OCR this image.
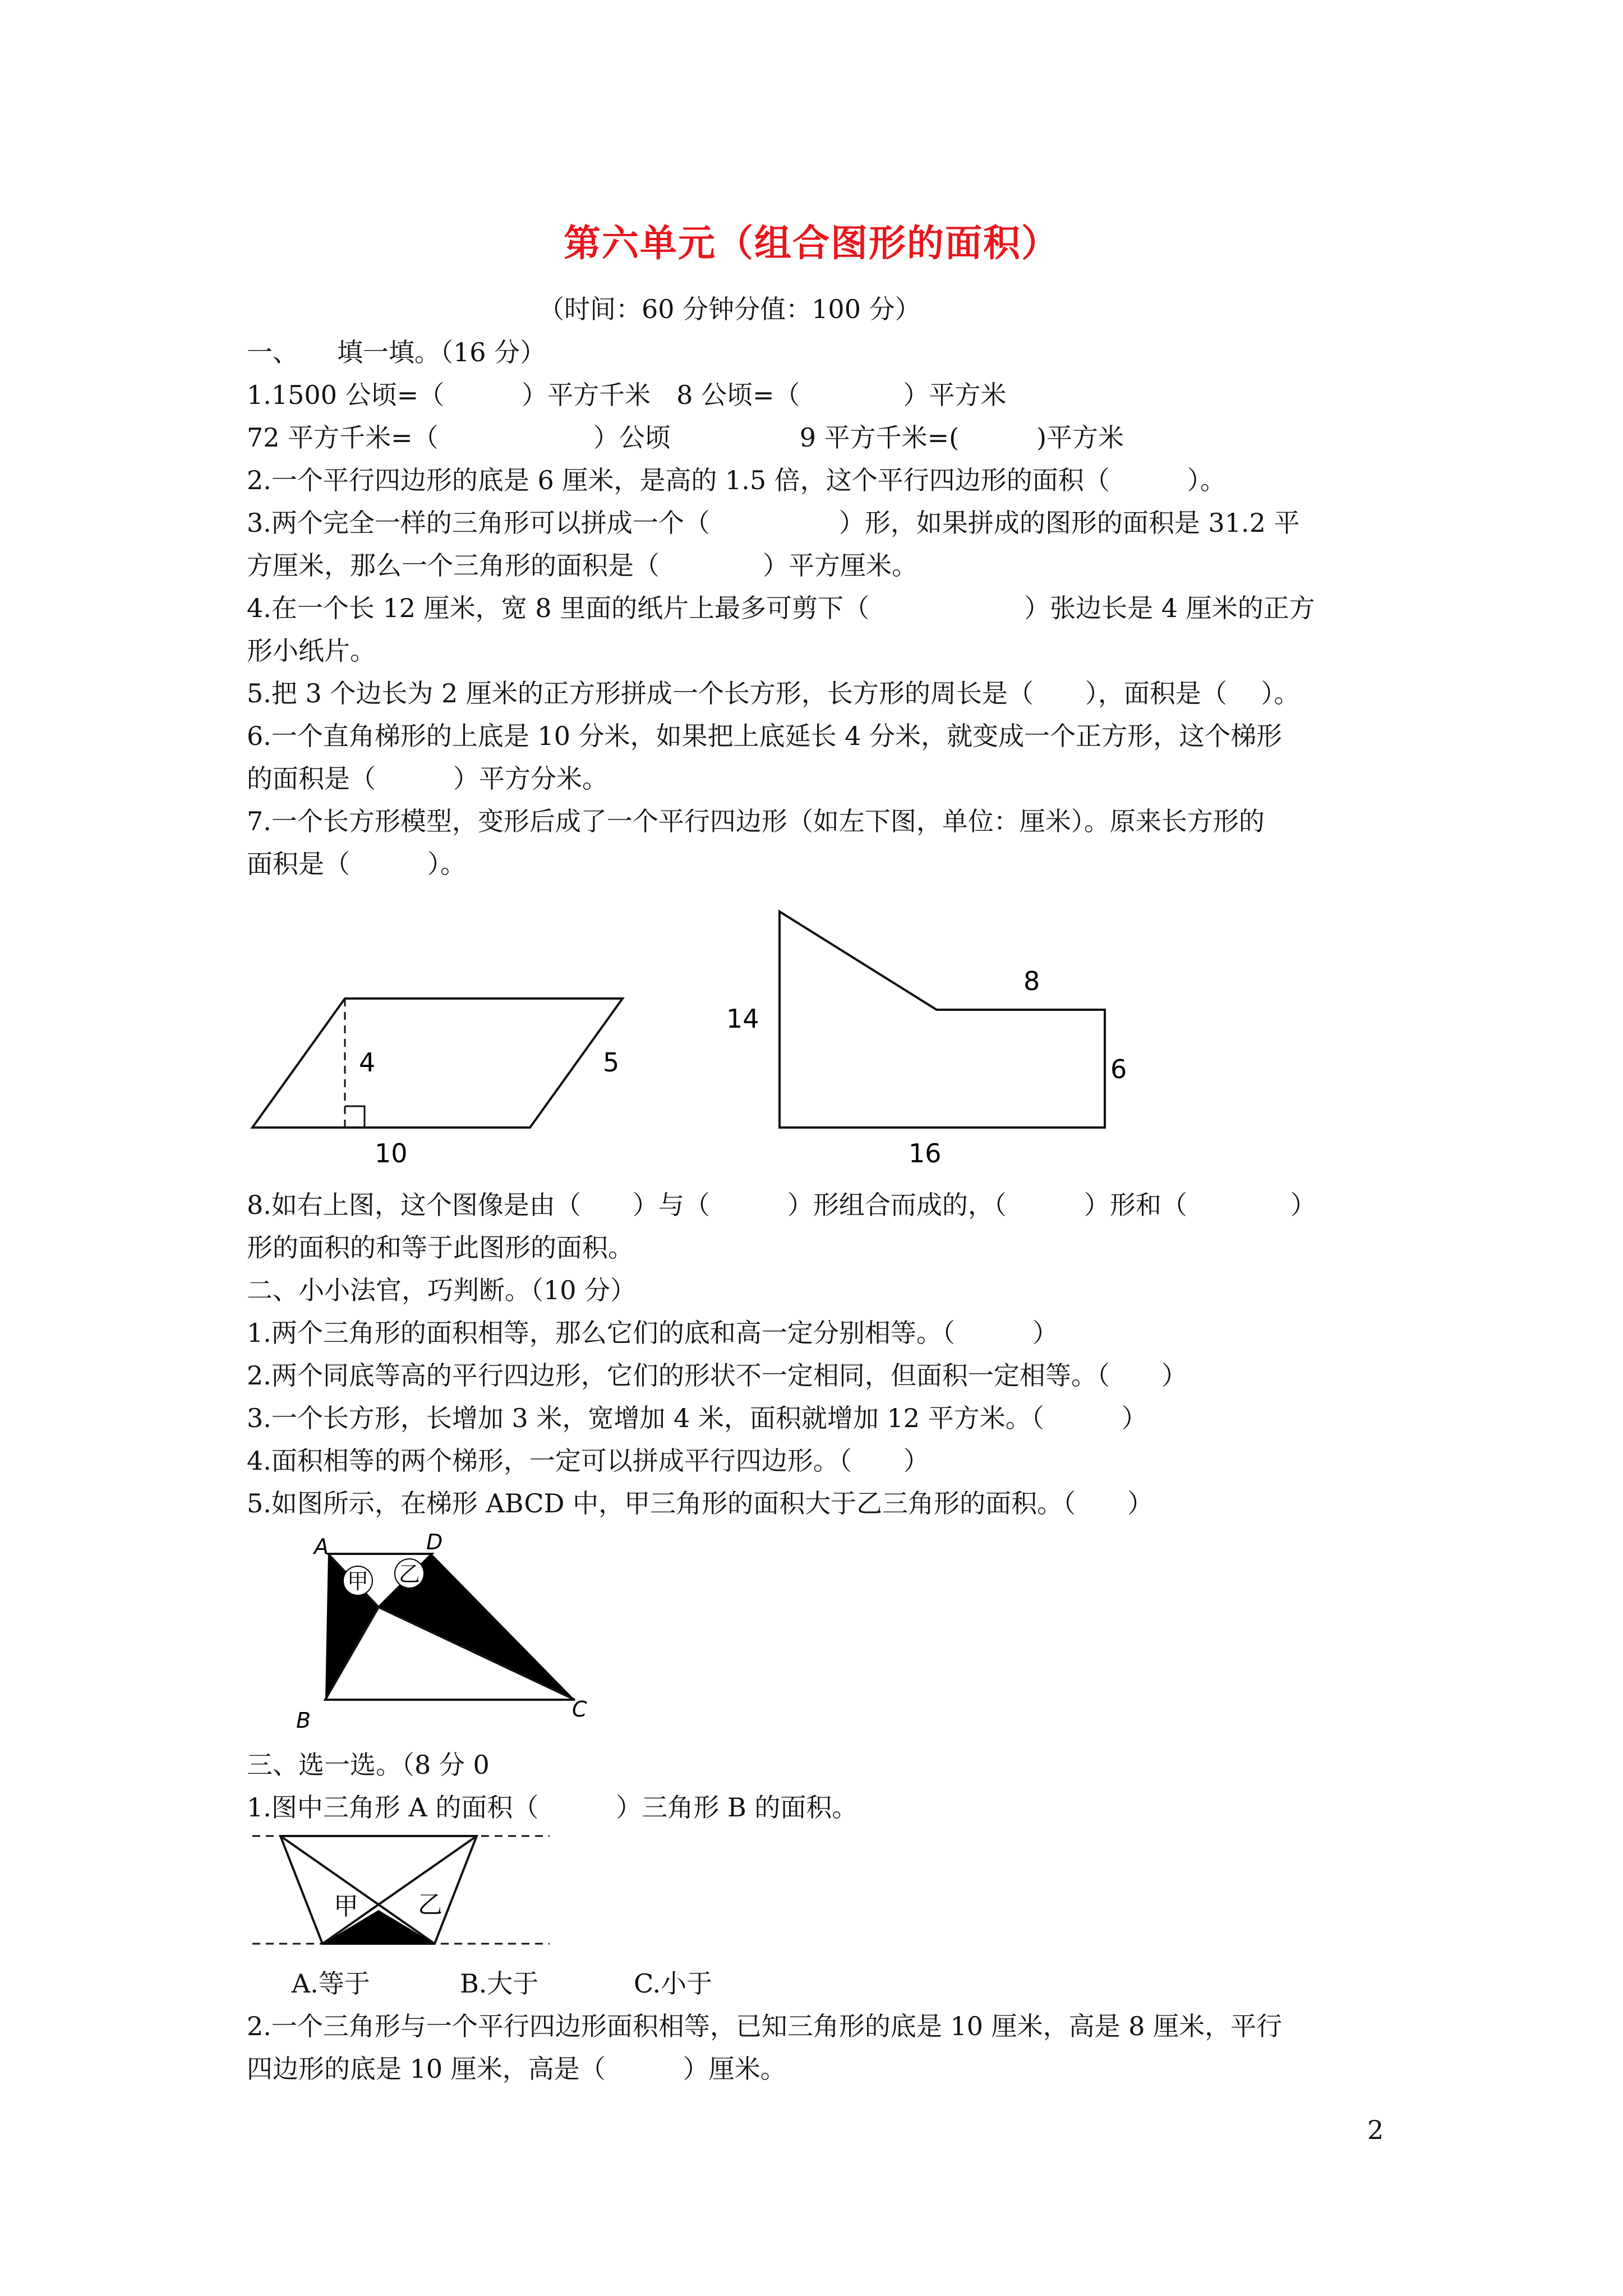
第六单元（组合图形的面积）
（时间：60 分钟分值：100 分）
一、　　填一填。（16 分）
1.1500 公顷=（　　　）平方千米　8 公顷=（　　　　）平方米
72 平方千米=（　　　　　　）公顷　　　　　9 平方千米=(　　　)平方米
2.一个平行四边形的底是 6 厘米，是高的 1.5 倍，这个平行四边形的面积（　　　）。
3.两个完全一样的三角形可以拼成一个（　　　　　）形，如果拼成的图形的面积是 31.2 平
方厘米，那么一个三角形的面积是（　　　　）平方厘米。
4.在一个长 12 厘米，宽 8 里面的纸片上最多可剪下（　　　　　　）张边长是 4 厘米的正方
形小纸片。
5.把 3 个边长为 2 厘米的正方形拼成一个长方形，长方形的周长是（　　），面积是（　 ）。
6.一个直角梯形的上底是 10 分米，如果把上底延长 4 分米，就变成一个正方形，这个梯形
的面积是（　　　）平方分米。
7.一个长方形模型，变形后成了一个平行四边形（如左下图，单位：厘米）。原来长方形的
面积是（　　　）。
4	5
10
14
8
6
16
8.如右上图，这个图像是由（　　）与（　　　）形组合而成的，（　　　）形和（　　　　）
形的面积的和等于此图形的面积。
二、小小法官，巧判断。（10 分）
1.两个三角形的面积相等，那么它们的底和高一定分别相等。（　　　）
2.两个同底等高的平行四边形，它们的形状不一定相同，但面积一定相等。（　　）
3.一个长方形，长增加 3 米，宽增加 4 米，面积就增加 12 平方米。（　　　）
4.面积相等的两个梯形，一定可以拼成平行四边形。（　　）
5.如图所示，在梯形 ABCD 中，甲三角形的面积大于乙三角形的面积。（　　）
甲 乙
A	D
B	C
三、选一选。（8 分 0
1.图中三角形 A 的面积（　　　）三角形 B 的面积。
甲 乙
A.等于	B.大于	C.小于
2.一个三角形与一个平行四边形面积相等，已知三角形的底是 10 厘米，高是 8 厘米，平行
四边形的底是 10 厘米，高是（　　　）厘米。
2
